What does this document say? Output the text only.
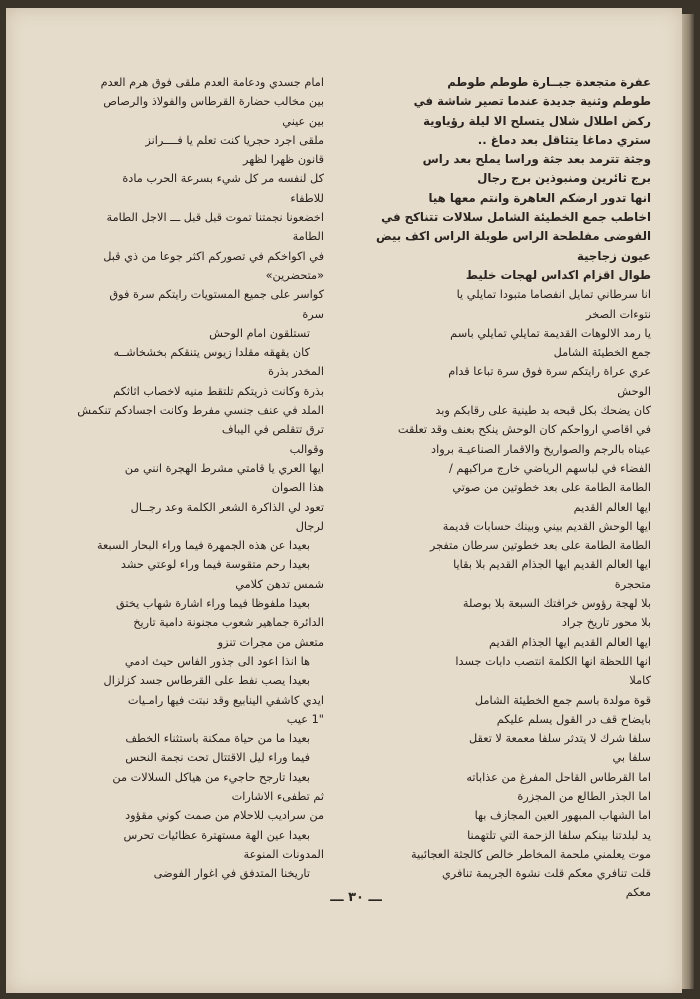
عفرة متجعدة جبــارة طوطم طوطم
طوطم وثنية جديدة عندما تصير شاشة في
ركض اطلال شلال يتسلح الا ليلة رؤياوية
ستري دماغا يتثاقل بعد دماغ ..
وجثة تترمد بعد جثة وراسا يملح بعد راس
برج ثائرين ومنبوذين برج رجال
انها تدور ارضكم العاهرة وانتم معها هيا
اخاطب جمع الخطيئة الشامل سلالات تتناكح في
الفوضى مفلطحة الراس طويلة الراس اكف بيض
عيون زجاجية
طوال اقزام اكداس لهجات خليط
انا سرطاني تمايل انفصاما متبودا تمايلي يا
نتوءات الصخر
يا رمد الالوهات القديمة تمايلي تمايلي باسم
جمع الخطيئة الشامل
عري عراة رايتكم سرة فوق سرة تباعا قدام
الوحش
كان يضحك بكل قبحه بد طينية على رقابكم وبد
في اقاصي ارواحكم كان الوحش ينكح بعنف وقد تعلقت
عيناه بالرجم والصواريخ والاقمار الصناعيـة برواد
الفضاء في لباسهم الرياضي خارج مراكبهم /
الطامة الطامة على بعد خطوتين من صوتي
ايها العالم القديم
ايها الوحش القديم بيني وبينك حسابات قديمة
الطامة الطامة على بعد خطوتين سرطان متفجر
ايها العالم القديم ايها الجذام القديم بلا بقايا
متحجرة
بلا لهجة رؤوس خرافتك السبعة بلا بوصلة
بلا محور تاريخ جراد
ايها العالم القديم ايها الجذام القديم
انها اللحظة انها الكلمة انتصب دابات جسدا
كاملا
قوة مولدة باسم جمع الخطيئة الشامل
بايضاح قف در القول يسلم عليكم
سلفا شرك لا يتدثر سلفا معمعة لا تعقل
سلفا بي
اما القرطاس القاحل المفرغ من عذاباته
اما الجذر الطالع من المجزرة
اما الشهاب المبهور العين المجازف بها
يد لبلدتنا بينكم سلفا الزحمة التي تلتهمنا
موت يعلمني ملحمة المخاطر خالص كالجثة العجائبية
قلت تنافري معكم قلت نشوة الجريمة تنافري
معكم
امام جسدي ودعامة العدم ملقى فوق هرم العدم
بين مخالب حضارة القرطاس والفولاذ والرصاص
بين عيني
ملقى اجرد حجريا كنت تعلم يا فــــرانز
قانون ظهرا لظهر
كل لنفسه مر كل شيء بسرعة الحرب مادة
للاطفاء
اخضعونا نجمتنا تموت قبل قبل ـــ الاجل الطامة
الطامة
في اكواخكم في تصوركم اكثر جوعا من ذي قبل
«متحضرين»
كواسر على جميع المستويات رايتكم سرة فوق
سرة
تستلقون امام الوحش
كان يقهقه مقلدا زيوس يتنقكم بخشخاشــه
المخدر بذرة
بذرة وكانت ذريتكم تلتقط منيه لاخصاب اثاثكم
الملد في عنف جنسي مفرط وكانت اجسادكم تنكمش
ترق تتقلص في اليباف
وقوالب
ايها العري يا قامتي مشرط الهجرة انني من
هذا الصوان
تعود لي الذاكرة الشعر الكلمة وعد رجــال
لرجال
بعيدا عن هذه الجمهرة فيما وراء البحار السبعة
بعيدا رحم متقوسة فيما وراء لوعتي حشد
شمس تدهن كلامي
بعيدا ملفوظا فيما وراء اشارة شهاب يختق
الدائرة جماهير شعوب مجنونة دامية تاريخ
متعش من مجرات تنزو
ها انذا اعود الى جذور الفاس حيث ادمي
بعيدا يصب نفط على القرطاس جسد كزلزال
ايدي كاشفي الينابيع وقد نبتت فيها رامـيات
"1 عيب
بعيدا ما من حياة ممكنة باستثناء الخطف
فيما وراء ليل الاقتتال تحت نجمة النحس
بعيدا تارجح حاجيء من هياكل السلالات من
ثم تطفىء الاشارات
من سراديب للاحلام من صمت كوني مقؤود
بعيدا عين الهة مستهترة عظائيات تحرس
المدونات المنوعة
تاريخنا المتدفق في اغوار الفوضى
ـــ ٣٠ ـــ
